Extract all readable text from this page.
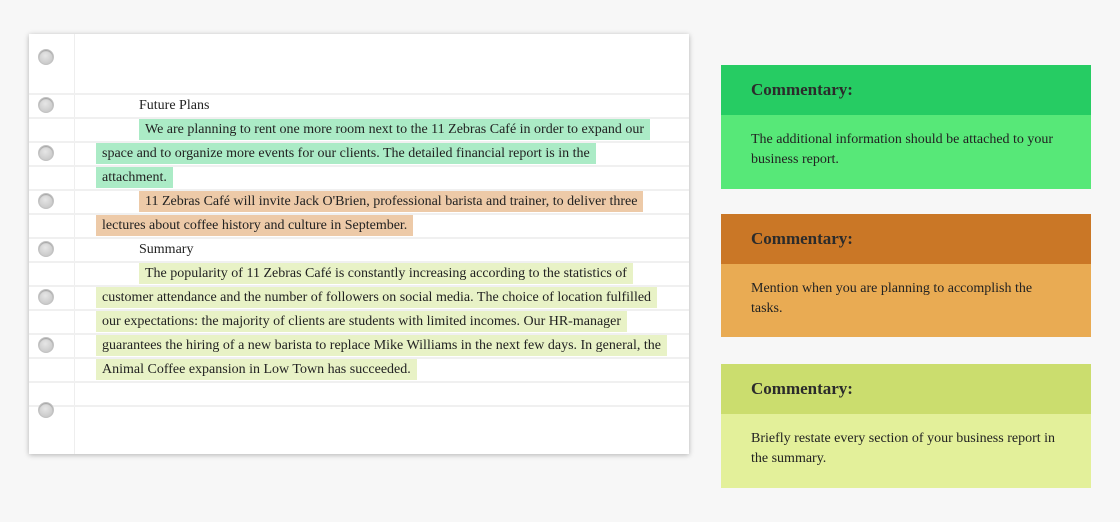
Future Plans

We are planning to rent one more room next to the 11 Zebras Café in order to expand our space and to organize more events for our clients. The detailed financial report is in the attachment.

11 Zebras Café will invite Jack O'Brien, professional barista and trainer, to deliver three lectures about coffee history and culture in September.

Summary

The popularity of 11 Zebras Café is constantly increasing according to the statistics of customer attendance and the number of followers on social media. The choice of location fulfilled our expectations: the majority of clients are students with limited incomes. Our HR-manager guarantees the hiring of a new barista to replace Mike Williams in the next few days. In general, the Animal Coffee expansion in Low Town has succeeded.

Commentary:
The additional information should be attached to your business report.
Commentary:
Mention when you are planning to accomplish the tasks.
Commentary:
Briefly restate every section of your business report in the summary.
